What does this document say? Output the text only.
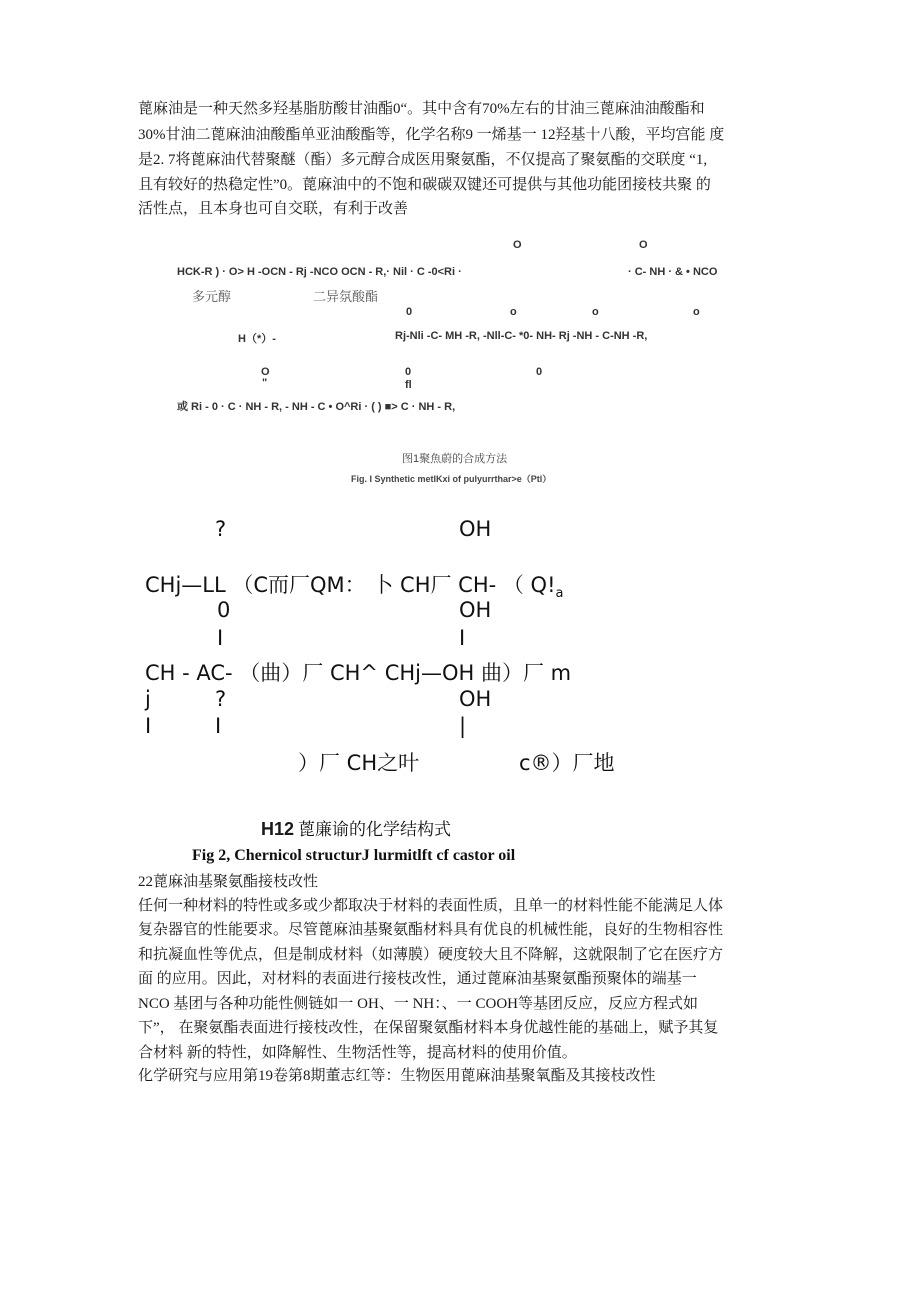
蓖麻油是一种天然多羟基脂肪酸甘油酯0“。其中含有70%左右的甘油三蓖麻油油酸酯和
30%甘油二蓖麻油油酸酯单亚油酸酯等，化学名称9 一烯基一 12羟基十八酸，平均宫能 度
是2. 7将蓖麻油代替聚醚（酯）多元醇合成医用聚氨酯，不仅提高了聚氨酯的交联度 “1,
且有较好的热稳定性”0。蓖麻油中的不饱和碳碳双键还可提供与其他功能团接枝共聚 的
活性点，且本身也可自交联，有利于改善
O	O
HCK-R ) · O> H -OCN - Rj -NCO OCN - R,· Nil · C -0<Ri ·	· C- NH · & • NCO
多元醇	二异氛酸酯
0	o	o	o
H（*）-	Rj-Nli -C- MH -R, -Nll-C- *0- NH- Rj -NH - C-NH -R,
O
"
0
fl
0
或 Ri - 0 · C · NH - R, - NH - C • O^Ri · ( ) ■> C · NH - R,
图1聚魚蔚的合成方法
Fig. I Synthetic metIKxi of pulyurrthar>e（Ptl）
?	OH
CHj—LL （C而厂QM： 卜 CH厂 CH- （ $Q!_a$
0	OH
I	I
CH - AC- （曲）厂 CH^ CHj—OH 曲）厂 m
j	?	OH
I	I	|
）厂 CH之叶	c®）厂地
H12 蓖廉谕的化学结构式
Fig 2, Chernicol structurJ lurmitlft cf castor oil
22蓖麻油基聚氨酯接枝改性
任何一种材料的特性或多或少都取决于材料的表面性质，且单一的材料性能不能满足人体
复杂器官的性能要求。尽管蓖麻油基聚氨酯材料具有优良的机械性能，良好的生物相容性
和抗凝血性等优点，但是制成材料（如薄膜）硬度较大且不降解，这就限制了它在医疗方
面 的应用。因此，对材料的表面进行接枝改性，通过蓖麻油基聚氨酯预聚体的端基一
NCO 基团与各种功能性侧链如一 OH、一 NH：、一 COOH等基团反应，反应方程式如
下”， 在聚氨酯表面进行接枝改性，在保留聚氨酯材料本身优越性能的基础上，赋予其复
合材料 新的特性，如降解性、生物活性等，提高材料的使用价值。
化学研究与应用第19卷第8期董志红等：生物医用蓖麻油基聚氧酯及其接枝改性
